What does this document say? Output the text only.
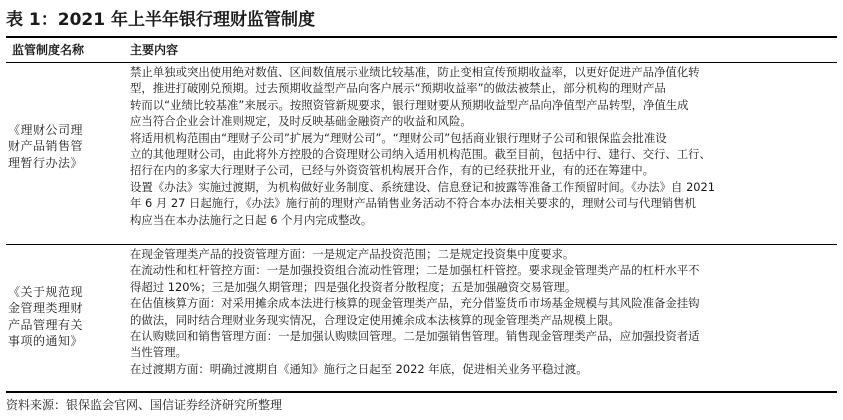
表 1：2021 年上半年银行理财监管制度
监管制度名称	主要内容
《理财公司理
财产品销售管
理暂行办法》
禁止单独或突出使用绝对数值、区间数值展示业绩比较基准，防止变相宣传预期收益率，以更好促进产品净值化转
型，推进打破刚兑预期。过去预期收益型产品向客户展示“预期收益率”的做法被禁止，部分机构的理财产品
转而以“业绩比较基准”来展示。按照资管新规要求，银行理财要从预期收益型产品向净值型产品转型，净值生成
应当符合企业会计准则规定，及时反映基础金融资产的收益和风险。
将适用机构范围由“理财子公司”扩展为“理财公司”。“理财公司”包括商业银行理财子公司和银保监会批准设
立的其他理财公司，由此将外方控股的合资理财公司纳入适用机构范围。截至目前，包括中行、建行、交行、工行、
招行在内的多家大行理财子公司，已经与外资资管机构展开合作，有的已经获批开业，有的还在筹建中。
设置《办法》实施过渡期，为机构做好业务制度、系统建设、信息登记和披露等准备工作预留时间。《办法》自 2021
年 6 月 27 日起施行，《办法》施行前的理财产品销售业务活动不符合本办法相关要求的，理财公司与代理销售机
构应当在本办法施行之日起 6 个月内完成整改。
《关于规范现
金管理类理财
产品管理有关
事项的通知》
在现金管理类产品的投资管理方面：一是规定产品投资范围；二是规定投资集中度要求。
在流动性和杠杆管控方面：一是加强投资组合流动性管理；二是加强杠杆管控。要求现金管理类产品的杠杆水平不
得超过 120%；三是加强久期管理；四是强化投资者分散程度；五是加强融资交易管理。
在估值核算方面：对采用摊余成本法进行核算的现金管理类产品，充分借鉴货币市场基金规模与其风险准备金挂钩
的做法，同时结合理财业务现实情况，合理设定使用摊余成本法核算的现金管理类产品规模上限。
在认购赎回和销售管理方面：一是加强认购赎回管理。二是加强销售管理。销售现金管理类产品，应加强投资者适
当性管理。
在过渡期方面：明确过渡期自《通知》施行之日起至 2022 年底，促进相关业务平稳过渡。
资料来源：银保监会官网、国信证券经济研究所整理
